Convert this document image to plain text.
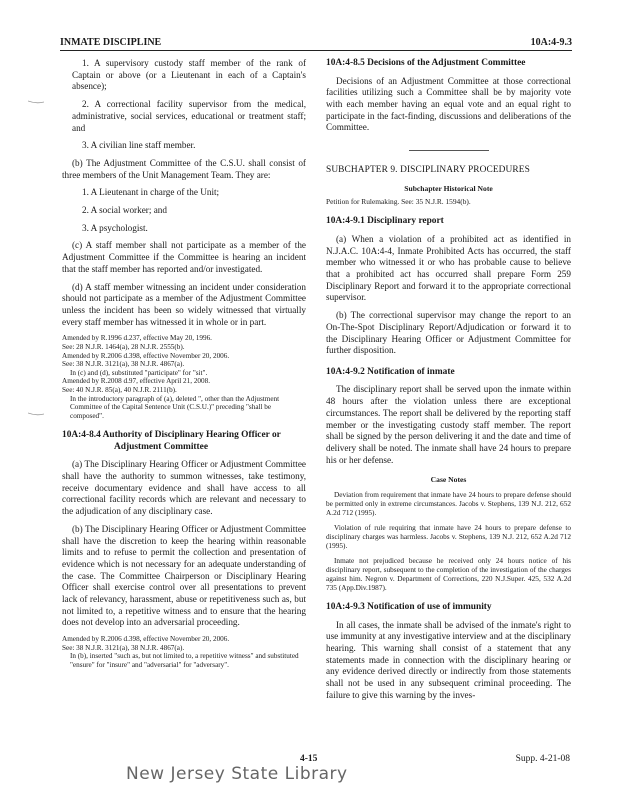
INMATE DISCIPLINE	10A:4-9.3

1. A supervisory custody staff member of the rank of Captain or above (or a Lieutenant in each of a Captain's absence);

2. A correctional facility supervisor from the medical, administrative, social services, educational or treatment staff; and

3. A civilian line staff member.

(b) The Adjustment Committee of the C.S.U. shall consist of three members of the Unit Management Team. They are:

1. A Lieutenant in charge of the Unit;

2. A social worker; and

3. A psychologist.

(c) A staff member shall not participate as a member of the Adjustment Committee if the Committee is hearing an incident that the staff member has reported and/or investigated.

(d) A staff member witnessing an incident under consideration should not participate as a member of the Adjustment Committee unless the incident has been so widely witnessed that virtually every staff member has witnessed it in whole or in part.

Amended by R.1996 d.237, effective May 20, 1996.

See: 28 N.J.R. 1464(a), 28 N.J.R. 2555(b).

Amended by R.2006 d.398, effective November 20, 2006.

See: 38 N.J.R. 3121(a), 38 N.J.R. 4867(a).

In (c) and (d), substituted "participate" for "sit".

Amended by R.2008 d.97, effective April 21, 2008.

See: 40 N.J.R. 85(a), 40 N.J.R. 2111(b).

In the introductory paragraph of (a), deleted ", other than the Adjustment Committee of the Capital Sentence Unit (C.S.U.)" preceding "shall be composed".

10A:4-8.4 Authority of Disciplinary Hearing Officer or Adjustment Committee

(a) The Disciplinary Hearing Officer or Adjustment Committee shall have the authority to summon witnesses, take testimony, receive documentary evidence and shall have access to all correctional facility records which are relevant and necessary to the adjudication of any disciplinary case.

(b) The Disciplinary Hearing Officer or Adjustment Committee shall have the discretion to keep the hearing within reasonable limits and to refuse to permit the collection and presentation of evidence which is not necessary for an adequate understanding of the case. The Committee Chairperson or Disciplinary Hearing Officer shall exercise control over all presentations to prevent lack of relevancy, harassment, abuse or repetitiveness such as, but not limited to, a repetitive witness and to ensure that the hearing does not develop into an adversarial proceeding.

Amended by R.2006 d.398, effective November 20, 2006.

See: 38 N.J.R. 3121(a), 38 N.J.R. 4867(a).

In (b), inserted "such as, but not limited to, a repetitive witness" and substituted "ensure" for "insure" and "adversarial" for "adversary".

10A:4-8.5 Decisions of the Adjustment Committee

Decisions of an Adjustment Committee at those correctional facilities utilizing such a Committee shall be by majority vote with each member having an equal vote and an equal right to participate in the fact-finding, discussions and deliberations of the Committee.

SUBCHAPTER 9. DISCIPLINARY PROCEDURES

Subchapter Historical Note

Petition for Rulemaking. See: 35 N.J.R. 1594(b).

10A:4-9.1 Disciplinary report

(a) When a violation of a prohibited act as identified in N.J.A.C. 10A:4-4, Inmate Prohibited Acts has occurred, the staff member who witnessed it or who has probable cause to believe that a prohibited act has occurred shall prepare Form 259 Disciplinary Report and forward it to the appropriate correctional supervisor.

(b) The correctional supervisor may change the report to an On-The-Spot Disciplinary Report/Adjudication or forward it to the Disciplinary Hearing Officer or Adjustment Committee for further disposition.

10A:4-9.2 Notification of inmate

The disciplinary report shall be served upon the inmate within 48 hours after the violation unless there are exceptional circumstances. The report shall be delivered by the reporting staff member or the investigating custody staff member. The report shall be signed by the person delivering it and the date and time of delivery shall be noted. The inmate shall have 24 hours to prepare his or her defense.

Case Notes

Deviation from requirement that inmate have 24 hours to prepare defense should be permitted only in extreme circumstances. Jacobs v. Stephens, 139 N.J. 212, 652 A.2d 712 (1995).

Violation of rule requiring that inmate have 24 hours to prepare defense to disciplinary charges was harmless. Jacobs v. Stephens, 139 N.J. 212, 652 A.2d 712 (1995).

Inmate not prejudiced because he received only 24 hours notice of his disciplinary report, subsequent to the completion of the investigation of the charges against him. Negron v. Department of Corrections, 220 N.J.Super. 425, 532 A.2d 735 (App.Div.1987).

10A:4-9.3 Notification of use of immunity

In all cases, the inmate shall be advised of the inmate's right to use immunity at any investigative interview and at the disciplinary hearing. This warning shall consist of a statement that any statements made in connection with the disciplinary hearing or any evidence derived directly or indirectly from those statements shall not be used in any subsequent criminal proceeding. The failure to give this warning by the inves-

4-15	Supp. 4-21-08
New Jersey State Library
